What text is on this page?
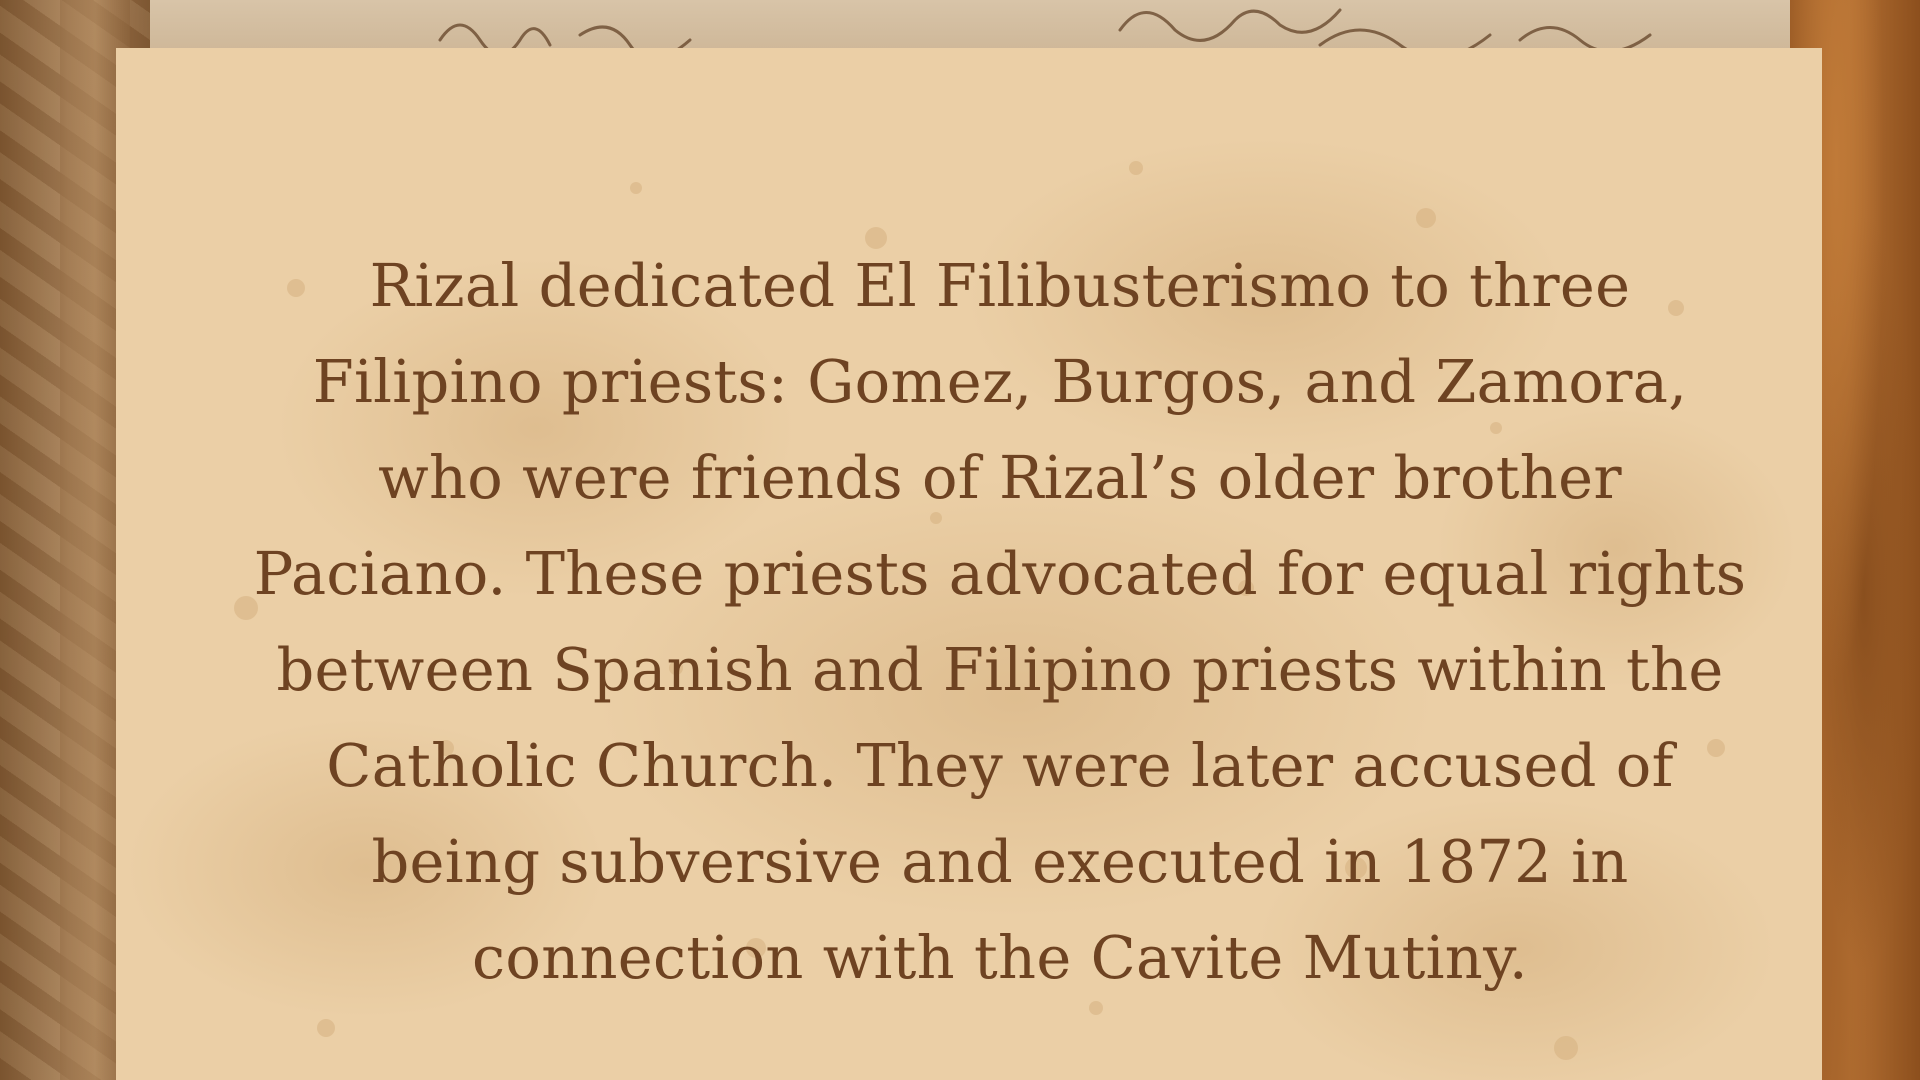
Rizal dedicated El Filibusterismo to three Filipino priests: Gomez, Burgos, and Zamora, who were friends of Rizal’s older brother Paciano. These priests advocated for equal rights between Spanish and Filipino priests within the Catholic Church. They were later accused of being subversive and executed in 1872 in connection with the Cavite Mutiny.
